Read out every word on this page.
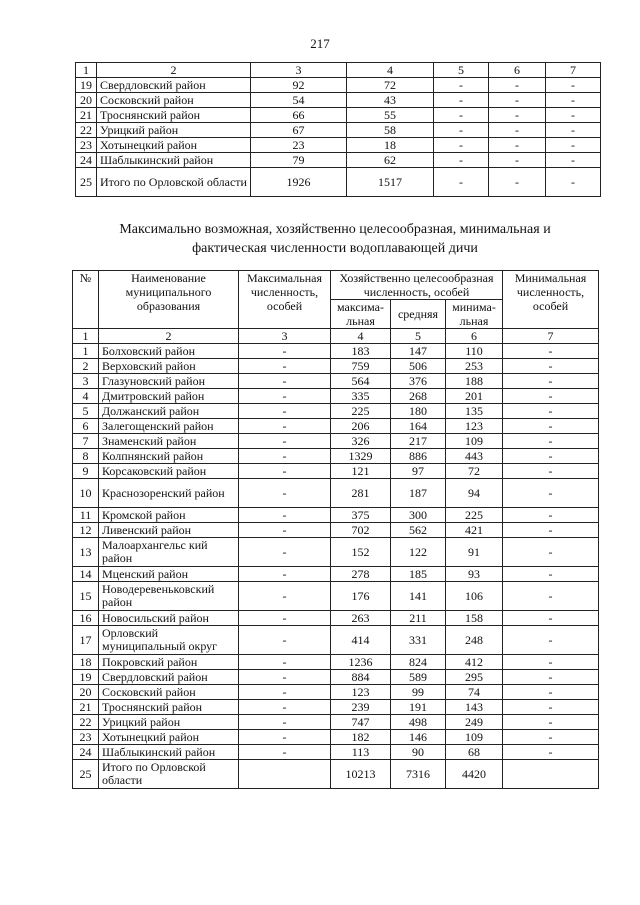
217
1	2	3	4	5	6	7
19	Свердловский район	92	72	-	-	-
20	Сосковский район	54	43	-	-	-
21	Троснянский район	66	55	-	-	-
22	Урицкий район	67	58	-	-	-
23	Хотынецкий район	23	18	-	-	-
24	Шаблыкинский район	79	62	-	-	-
25	Итого по Орловской области	1926	1517	-	-	-
Максимально возможная, хозяйственно целесообразная, минимальная и
фактическая численности водоплавающей дичи
№	Наименование муниципального образования	Максимальная численность, особей	Хозяйственно целесообразная численность, особей			Минимальная численность, особей
			максима-льная	средняя	минима-льная	
1	2	3	4	5	6	7
1	Болховский район	-	183	147	110	-
2	Верховский район	-	759	506	253	-
3	Глазуновский район	-	564	376	188	-
4	Дмитровский район	-	335	268	201	-
5	Должанский район	-	225	180	135	-
6	Залегощенский район	-	206	164	123	-
7	Знаменский район	-	326	217	109	-
8	Колпнянский район	-	1329	886	443	-
9	Корсаковский район	-	121	97	72	-
10	Краснозоренский район	-	281	187	94	-
11	Кромской район	-	375	300	225	-
12	Ливенский район	-	702	562	421	-
13	Малоархангельс кий район	-	152	122	91	-
14	Мценский район	-	278	185	93	-
15	Новодеревеньковский район	-	176	141	106	-
16	Новосильский район	-	263	211	158	-
17	Орловский муниципальный округ	-	414	331	248	-
18	Покровский район	-	1236	824	412	-
19	Свердловский район	-	884	589	295	-
20	Сосковский район	-	123	99	74	-
21	Троснянский район	-	239	191	143	-
22	Урицкий район	-	747	498	249	-
23	Хотынецкий район	-	182	146	109	-
24	Шаблыкинский район	-	113	90	68	-
25	Итого по Орловской области		10213	7316	4420	
